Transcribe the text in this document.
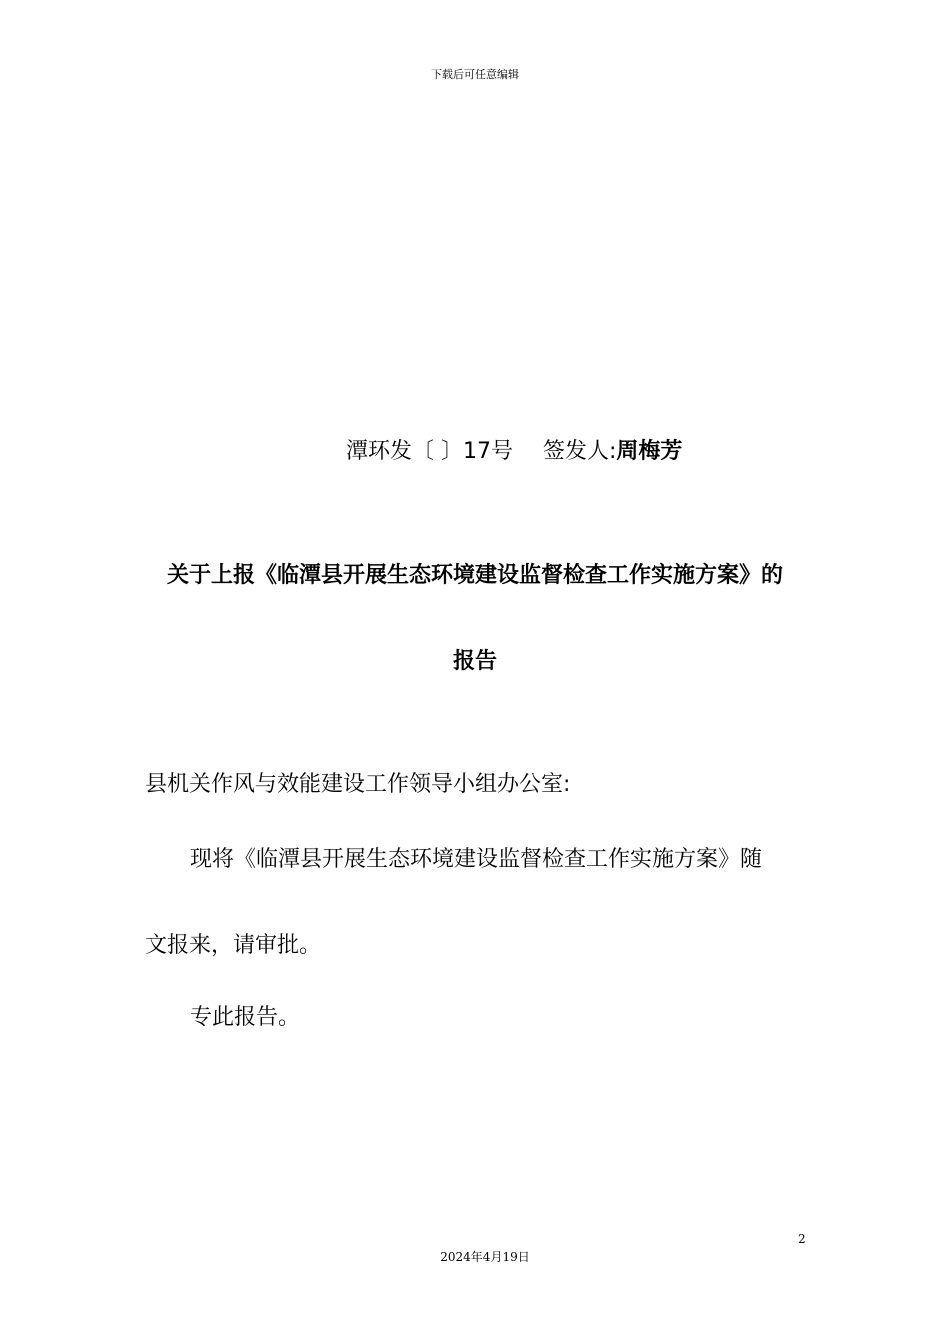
下载后可任意编辑
潭环发〔 〕17号 签发人:周梅芳
关于上报《临潭县开展生态环境建设监督检查工作实施方案》的
报告
县机关作风与效能建设工作领导小组办公室:
现将《临潭县开展生态环境建设监督检查工作实施方案》随
文报来，请审批。
专此报告。
2
2024年4月19日
